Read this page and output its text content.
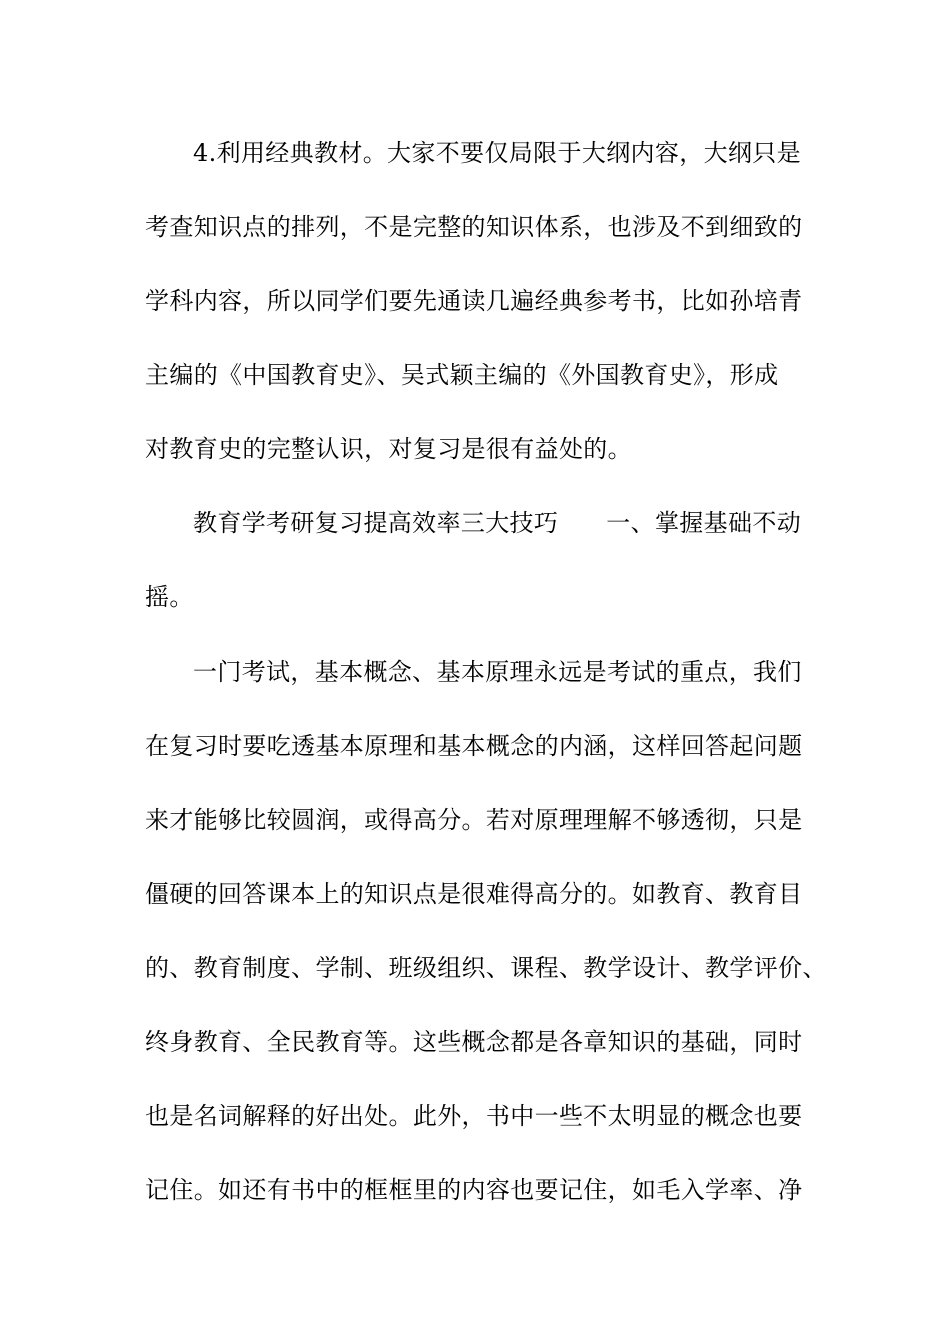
4.利用经典教材。大家不要仅局限于大纲内容，大纲只是
考查知识点的排列，不是完整的知识体系，也涉及不到细致的
学科内容，所以同学们要先通读几遍经典参考书，比如孙培青
主编的《中国教育史》、吴式颖主编的《外国教育史》，形成
对教育史的完整认识，对复习是很有益处的。
教育学考研复习提高效率三大技巧 一、掌握基础不动
摇。
一门考试，基本概念、基本原理永远是考试的重点，我们
在复习时要吃透基本原理和基本概念的内涵，这样回答起问题
来才能够比较圆润，或得高分。若对原理理解不够透彻，只是
僵硬的回答课本上的知识点是很难得高分的。如教育、教育目
的、教育制度、学制、班级组织、课程、教学设计、教学评价、
终身教育、全民教育等。这些概念都是各章知识的基础，同时
也是名词解释的好出处。此外，书中一些不太明显的概念也要
记住。如还有书中的框框里的内容也要记住，如毛入学率、净
